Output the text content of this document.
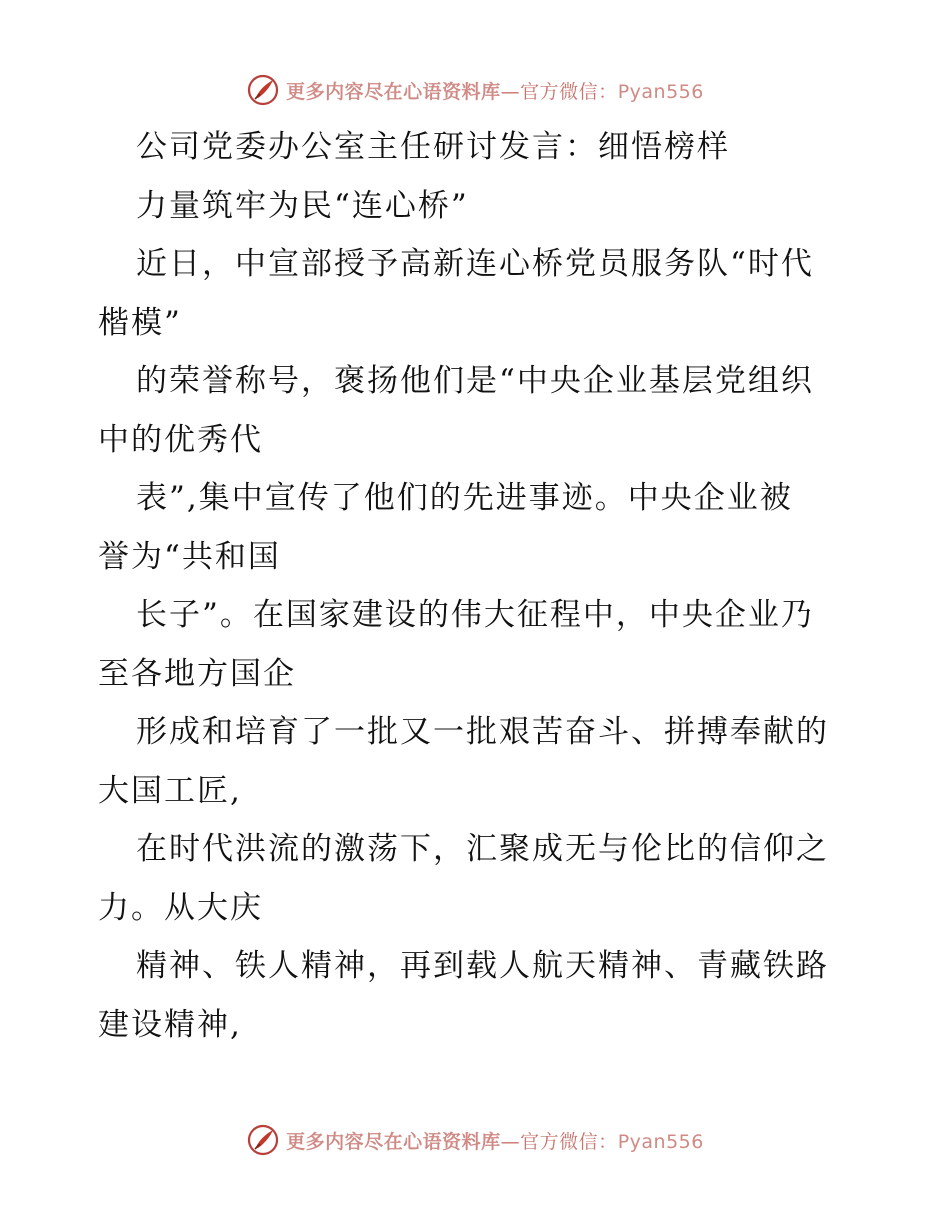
更多内容尽在心语资料库—官方微信：Pyan556
公司党委办公室主任研讨发言：细悟榜样
力量筑牢为民“连心桥”
近日，中宣部授予高新连心桥党员服务队“时代
楷模”
的荣誉称号，褒扬他们是“中央企业基层党组织
中的优秀代
表”,集中宣传了他们的先进事迹。中央企业被
誉为“共和国
长子”。在国家建设的伟大征程中，中央企业乃
至各地方国企
形成和培育了一批又一批艰苦奋斗、拼搏奉献的
大国工匠,
在时代洪流的激荡下，汇聚成无与伦比的信仰之
力。从大庆
精神、铁人精神，再到载人航天精神、青藏铁路
建设精神,
更多内容尽在心语资料库—官方微信：Pyan556
